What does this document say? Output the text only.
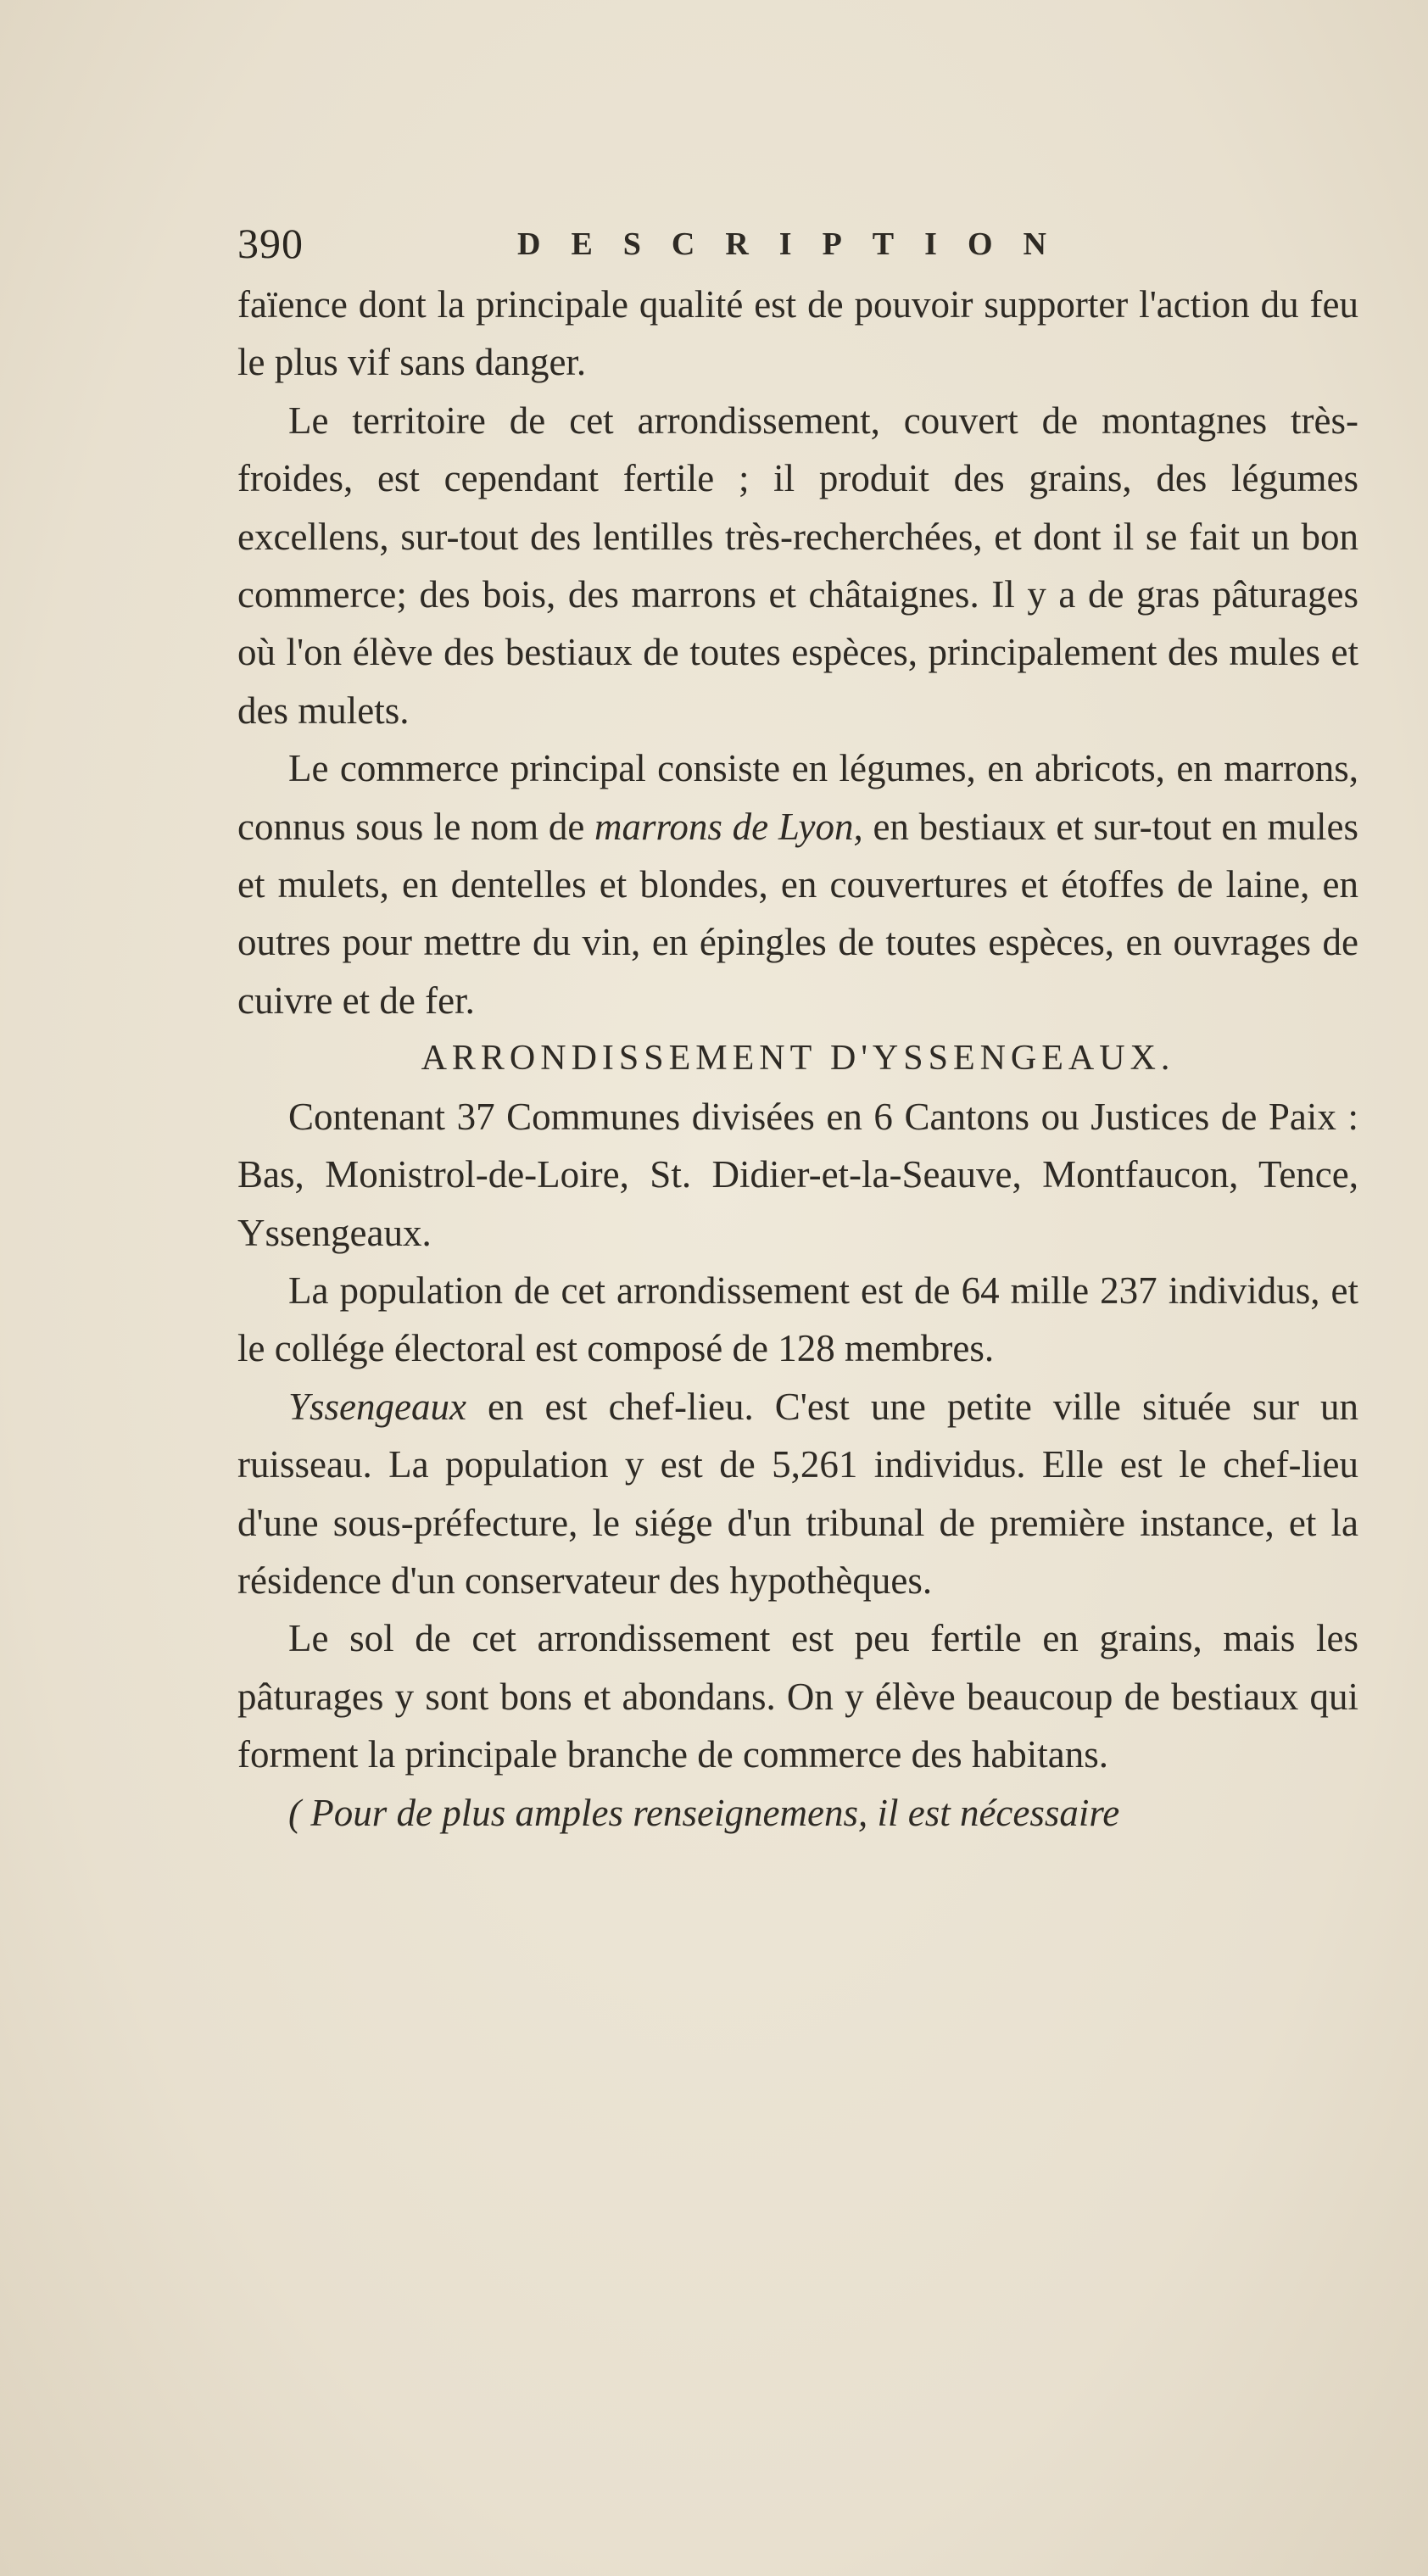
390	DESCRIPTION

faïence dont la principale qualité est de pouvoir supporter l'action du feu le plus vif sans danger.

Le territoire de cet arrondissement, couvert de montagnes très-froides, est cependant fertile ; il produit des grains, des légumes excellens, sur-tout des lentilles très-recherchées, et dont il se fait un bon commerce; des bois, des marrons et châtaignes. Il y a de gras pâturages où l'on élève des bestiaux de toutes espèces, principalement des mules et des mulets.

Le commerce principal consiste en légumes, en abricots, en marrons, connus sous le nom de marrons de Lyon, en bestiaux et sur-tout en mules et mulets, en dentelles et blondes, en couvertures et étoffes de laine, en outres pour mettre du vin, en épingles de toutes espèces, en ouvrages de cuivre et de fer.

ARRONDISSEMENT D'YSSENGEAUX.

Contenant 37 Communes divisées en 6 Cantons ou Justices de Paix : Bas, Monistrol-de-Loire, St. Didier-et-la-Seauve, Montfaucon, Tence, Yssengeaux.

La population de cet arrondissement est de 64 mille 237 individus, et le collége électoral est composé de 128 membres.

Yssengeaux en est chef-lieu. C'est une petite ville située sur un ruisseau. La population y est de 5,261 individus. Elle est le chef-lieu d'une sous-préfecture, le siége d'un tribunal de première instance, et la résidence d'un conservateur des hypothèques.

Le sol de cet arrondissement est peu fertile en grains, mais les pâturages y sont bons et abondans. On y élève beaucoup de bestiaux qui forment la principale branche de commerce des habitans.

( Pour de plus amples renseignemens, il est nécessaire
